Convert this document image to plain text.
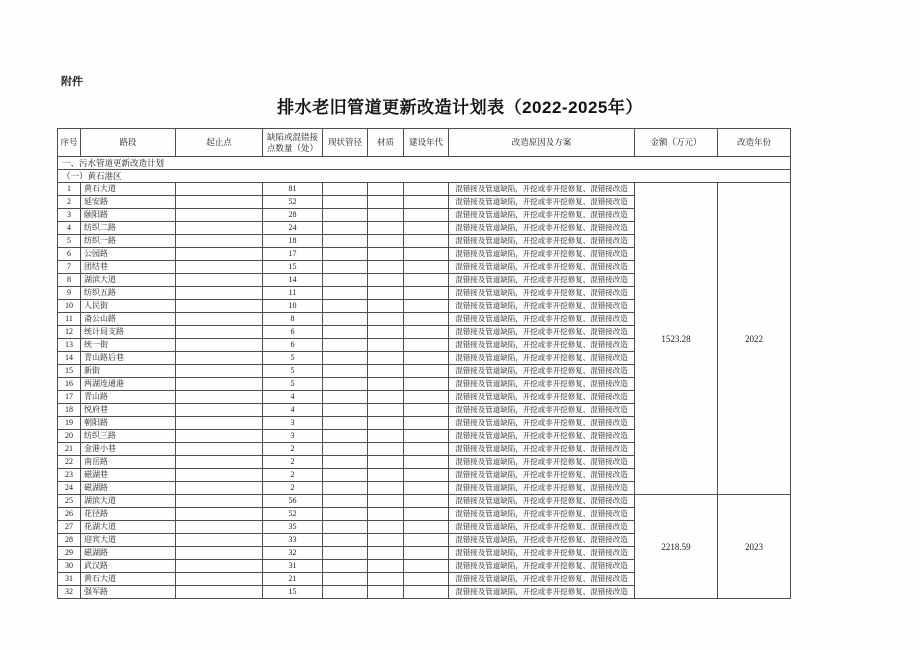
附件
排水老旧管道更新改造计划表（2022-2025年）
序号	路段	起止点	缺陷或混错接点数量（处）	现状管径	材质	建设年代	改造原因及方案	金额（万元）	改造年份
一、污水管道更新改造计划									
（一）黄石港区									
1	黄石大道		81				混错接及管道缺陷，开挖或非开挖修复、混错接改造	1523.28	2022
2	延安路		52				混错接及管道缺陷，开挖或非开挖修复、混错接改造		
3	颐阳路		28				混错接及管道缺陷，开挖或非开挖修复、混错接改造		
4	纺织二路		24				混错接及管道缺陷，开挖或非开挖修复、混错接改造		
5	纺织一路		18				混错接及管道缺陷，开挖或非开挖修复、混错接改造		
6	公园路		17				混错接及管道缺陷，开挖或非开挖修复、混错接改造		
7	团结巷		15				混错接及管道缺陷，开挖或非开挖修复、混错接改造		
8	湖滨大道		14				混错接及管道缺陷，开挖或非开挖修复、混错接改造		
9	纺织五路		11				混错接及管道缺陷，开挖或非开挖修复、混错接改造		
10	人民街		10				混错接及管道缺陷，开挖或非开挖修复、混错接改造		
11	斋公山路		8				混错接及管道缺陷，开挖或非开挖修复、混错接改造		
12	统计局支路		6				混错接及管道缺陷，开挖或非开挖修复、混错接改造		
13	统一街		6				混错接及管道缺陷，开挖或非开挖修复、混错接改造		
14	青山路后巷		5				混错接及管道缺陷，开挖或非开挖修复、混错接改造		
15	新街		5				混错接及管道缺陷，开挖或非开挖修复、混错接改造		
16	两湖连通港		5				混错接及管道缺陷，开挖或非开挖修复、混错接改造		
17	青山路		4				混错接及管道缺陷，开挖或非开挖修复、混错接改造		
18	悦府巷		4				混错接及管道缺陷，开挖或非开挖修复、混错接改造		
19	朝阳路		3				混错接及管道缺陷，开挖或非开挖修复、混错接改造		
20	纺织三路		3				混错接及管道缺陷，开挖或非开挖修复、混错接改造		
21	金港小巷		2				混错接及管道缺陷，开挖或非开挖修复、混错接改造		
22	南岳路		2				混错接及管道缺陷，开挖或非开挖修复、混错接改造		
23	磁湖巷		2				混错接及管道缺陷，开挖或非开挖修复、混错接改造		
24	磁湖路		2				混错接及管道缺陷，开挖或非开挖修复、混错接改造		
25	湖滨大道		56				混错接及管道缺陷，开挖或非开挖修复、混错接改造	2218.59	2023
26	花径路		52				混错接及管道缺陷，开挖或非开挖修复、混错接改造		
27	花湖大道		35				混错接及管道缺陷，开挖或非开挖修复、混错接改造		
28	迎宾大道		33				混错接及管道缺陷，开挖或非开挖修复、混错接改造		
29	磁湖路		32				混错接及管道缺陷，开挖或非开挖修复、混错接改造		
30	武汉路		31				混错接及管道缺陷，开挖或非开挖修复、混错接改造		
31	黄石大道		21				混错接及管道缺陷，开挖或非开挖修复、混错接改造		
32	强军路		15				混错接及管道缺陷，开挖或非开挖修复、混错接改造		
